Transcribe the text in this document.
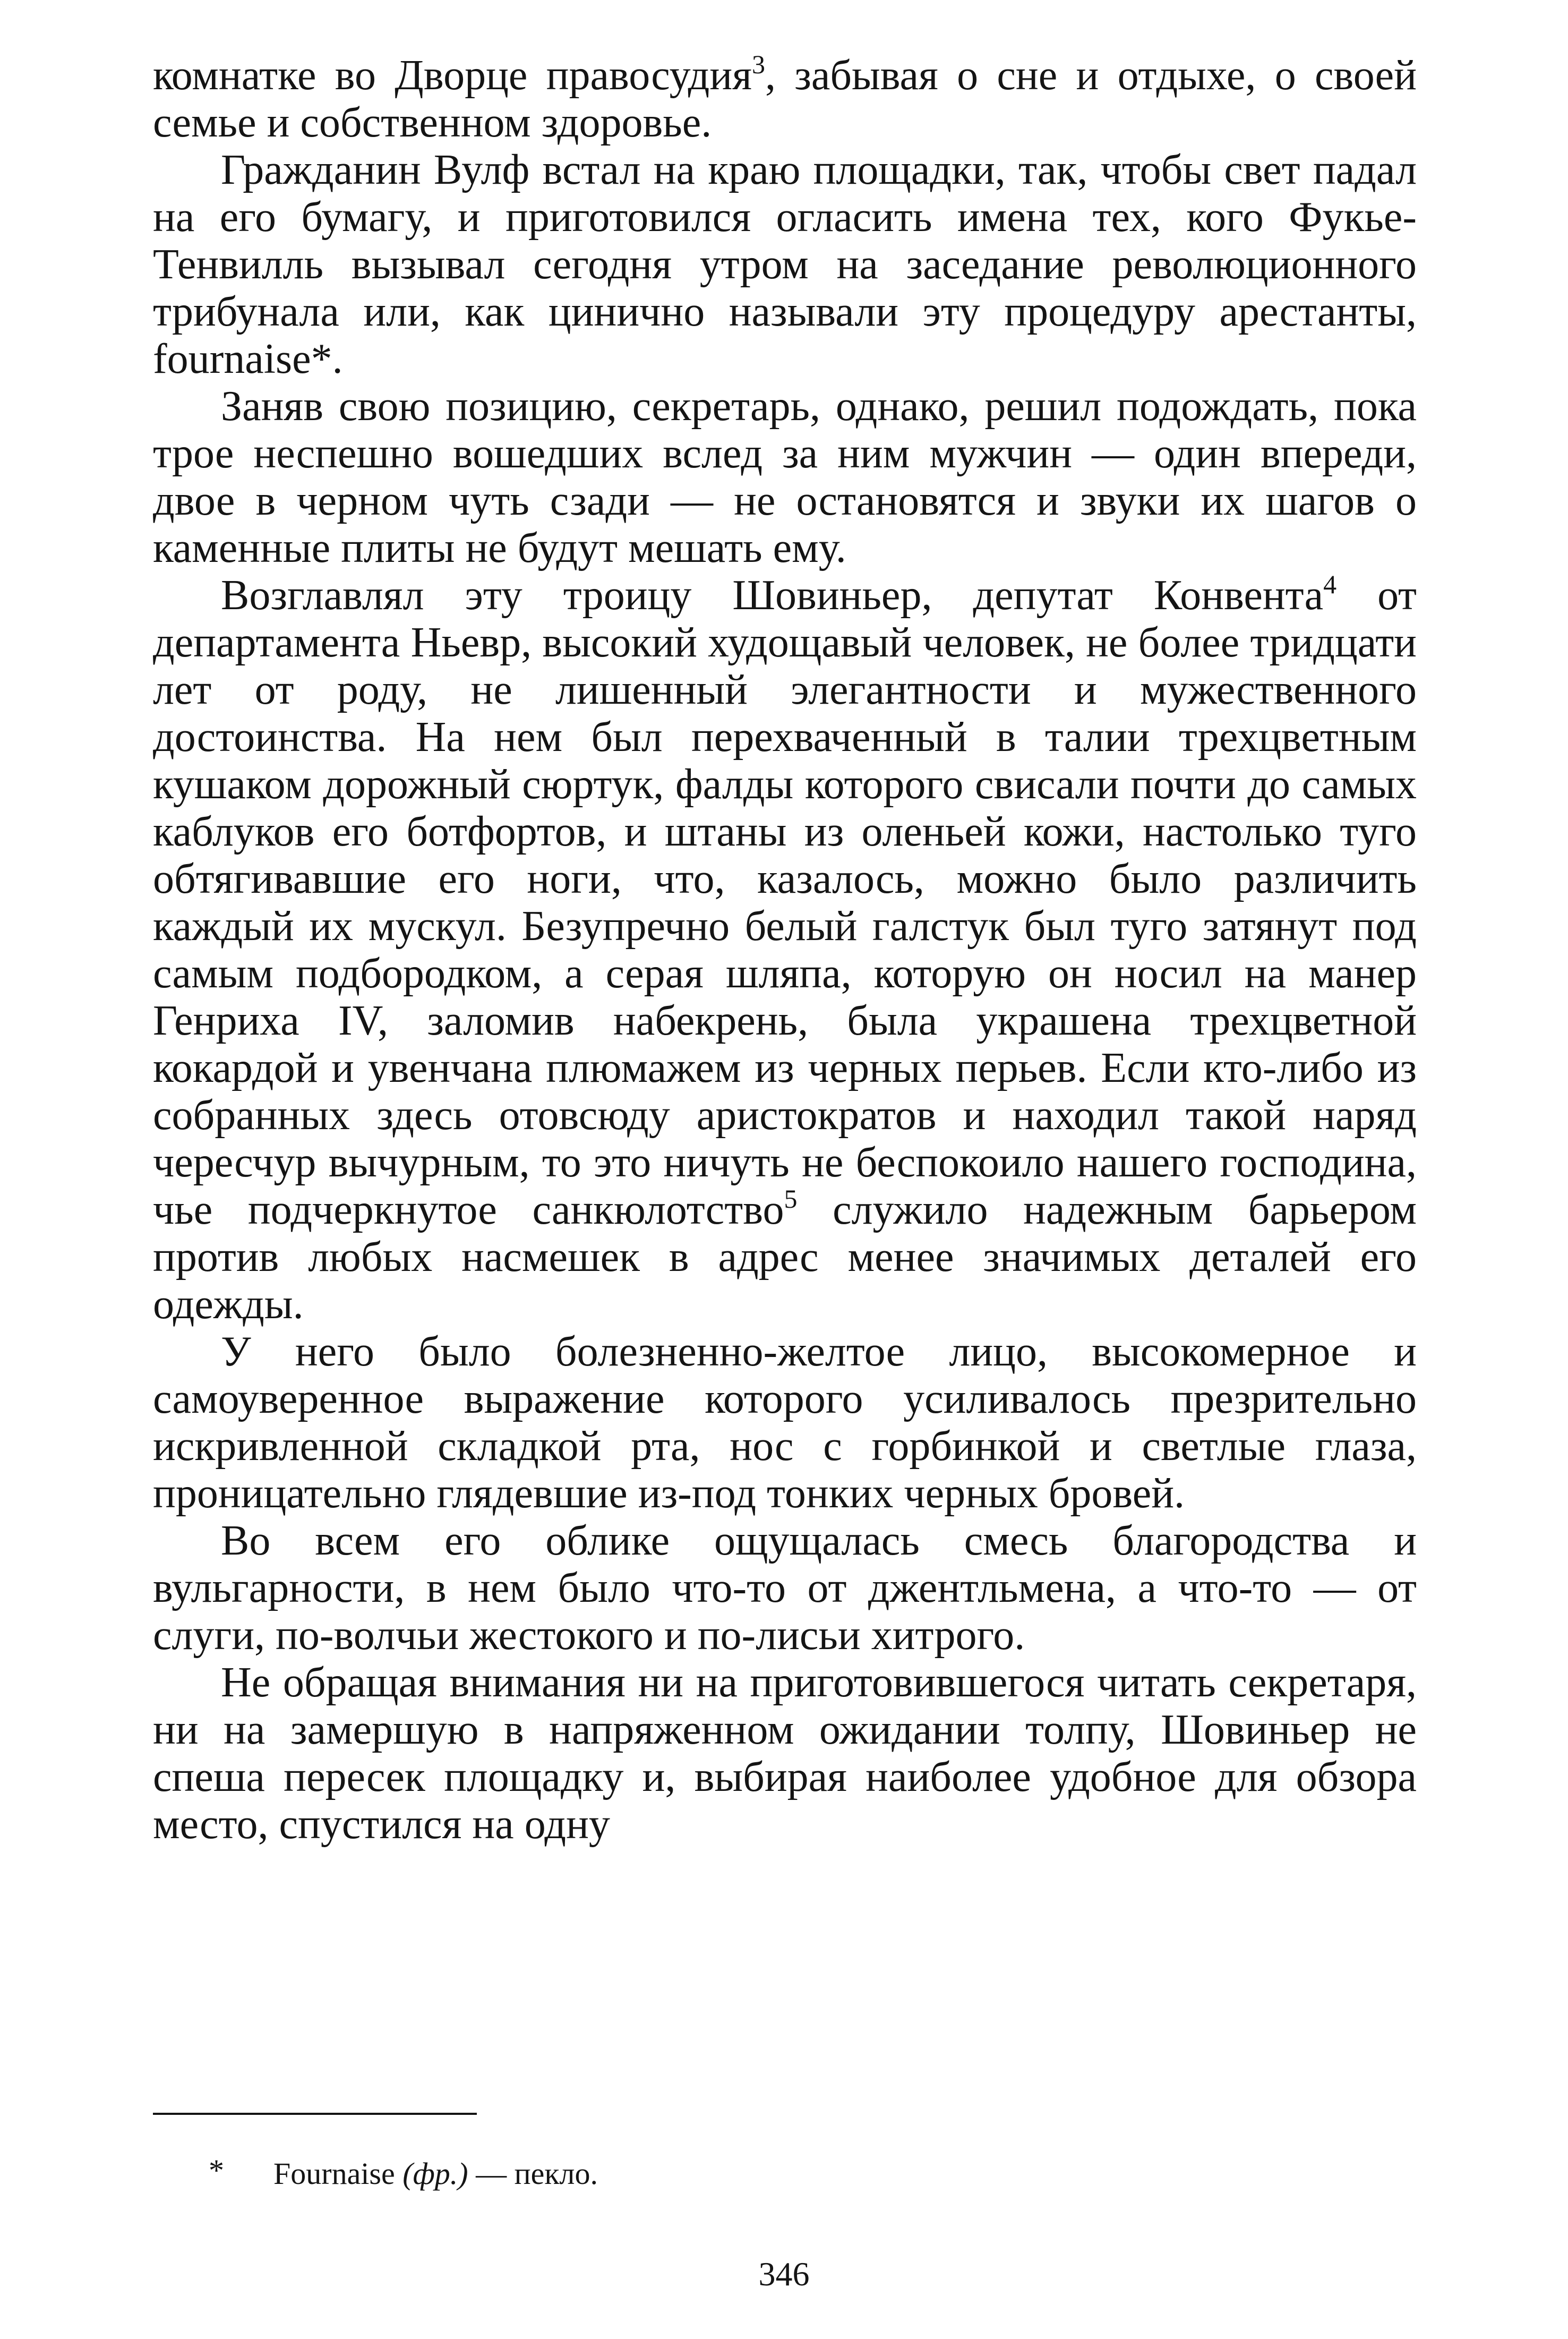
комнатке во Дворце правосудия$^3$, забывая о сне и отдыхе, о своей семье и собственном здоровье.

Гражданин Вулф встал на краю площадки, так, чтобы свет падал на его бумагу, и приготовился огласить имена тех, кого Фукье-Тенвилль вызывал сегодня утром на заседание революционного трибунала или, как цинично называли эту процедуру арестанты, fournaise*.

Заняв свою позицию, секретарь, однако, решил подождать, пока трое неспешно вошедших вслед за ним мужчин — один впереди, двое в черном чуть сзади — не остановятся и звуки их шагов о каменные плиты не будут мешать ему.

Возглавлял эту троицу Шовиньер, депутат Конвента$^4$ от департамента Ньевр, высокий худощавый человек, не более тридцати лет от роду, не лишенный элегантности и мужественного достоинства. На нем был перехваченный в талии трехцветным кушаком дорожный сюртук, фалды которого свисали почти до самых каблуков его ботфортов, и штаны из оленьей кожи, настолько туго обтягивавшие его ноги, что, казалось, можно было различить каждый их мускул. Безупречно белый галстук был туго затянут под самым подбородком, а серая шляпа, которую он носил на манер Генриха IV, заломив набекрень, была украшена трехцветной кокардой и увенчана плюмажем из черных перьев. Если кто-либо из собранных здесь отовсюду аристократов и находил такой наряд чересчур вычурным, то это ничуть не беспокоило нашего господина, чье подчеркнутое санкюлотство$^5$ служило надежным барьером против любых насмешек в адрес менее значимых деталей его одежды.

У него было болезненно-желтое лицо, высокомерное и самоуверенное выражение которого усиливалось презрительно искривленной складкой рта, нос с горбинкой и светлые глаза, проницательно глядевшие из-под тонких черных бровей.

Во всем его облике ощущалась смесь благородства и вульгарности, в нем было что-то от джентльмена, а что-то — от слуги, по-волчьи жестокого и по-лисьи хитрого.

Не обращая внимания ни на приготовившегося читать секретаря, ни на замершую в напряженном ожидании толпу, Шовиньер не спеша пересек площадку и, выбирая наиболее удобное для обзора место, спустился на одну

* Fournaise (фр.) — пекло.
346
